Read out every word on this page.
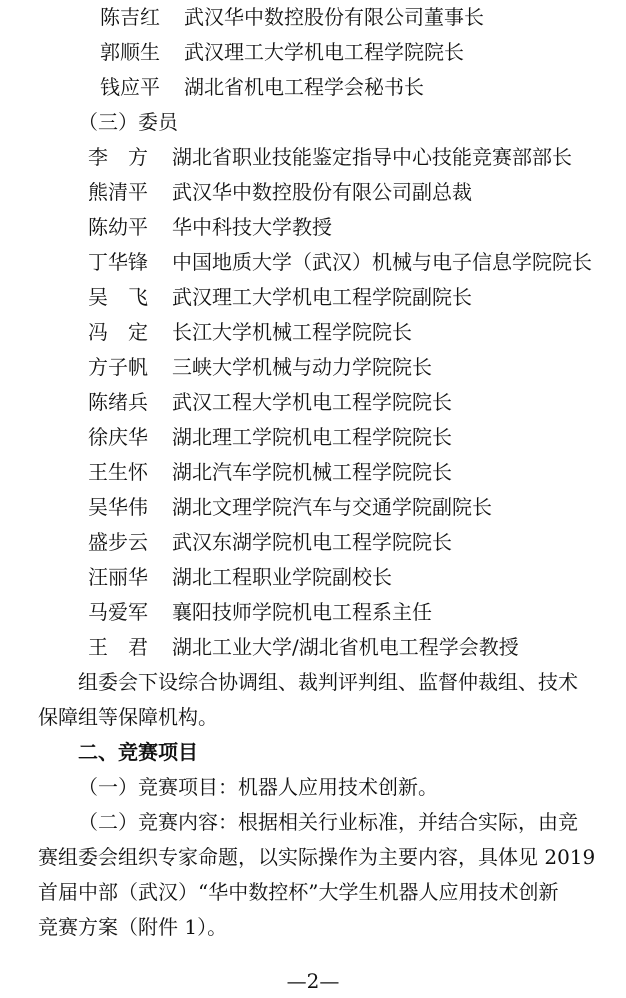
陈吉红 武汉华中数控股份有限公司董事长
郭顺生 武汉理工大学机电工程学院院长
钱应平 湖北省机电工程学会秘书长
（三）委员
李　方 湖北省职业技能鉴定指导中心技能竞赛部部长
熊清平 武汉华中数控股份有限公司副总裁
陈幼平 华中科技大学教授
丁华锋 中国地质大学（武汉）机械与电子信息学院院长
吴　飞 武汉理工大学机电工程学院副院长
冯　定 长江大学机械工程学院院长
方子帆 三峡大学机械与动力学院院长
陈绪兵 武汉工程大学机电工程学院院长
徐庆华 湖北理工学院机电工程学院院长
王生怀 湖北汽车学院机械工程学院院长
吴华伟 湖北文理学院汽车与交通学院副院长
盛步云 武汉东湖学院机电工程学院院长
汪丽华 湖北工程职业学院副校长
马爱军 襄阳技师学院机电工程系主任
王　君 湖北工业大学/湖北省机电工程学会教授
组委会下设综合协调组、裁判评判组、监督仲裁组、技术
保障组等保障机构。
二、竞赛项目
（一）竞赛项目：机器人应用技术创新。
（二）竞赛内容：根据相关行业标准，并结合实际，由竞
赛组委会组织专家命题，以实际操作为主要内容，具体见 2019
首届中部（武汉）“华中数控杯”大学生机器人应用技术创新
竞赛方案（附件 1）。
—2—
